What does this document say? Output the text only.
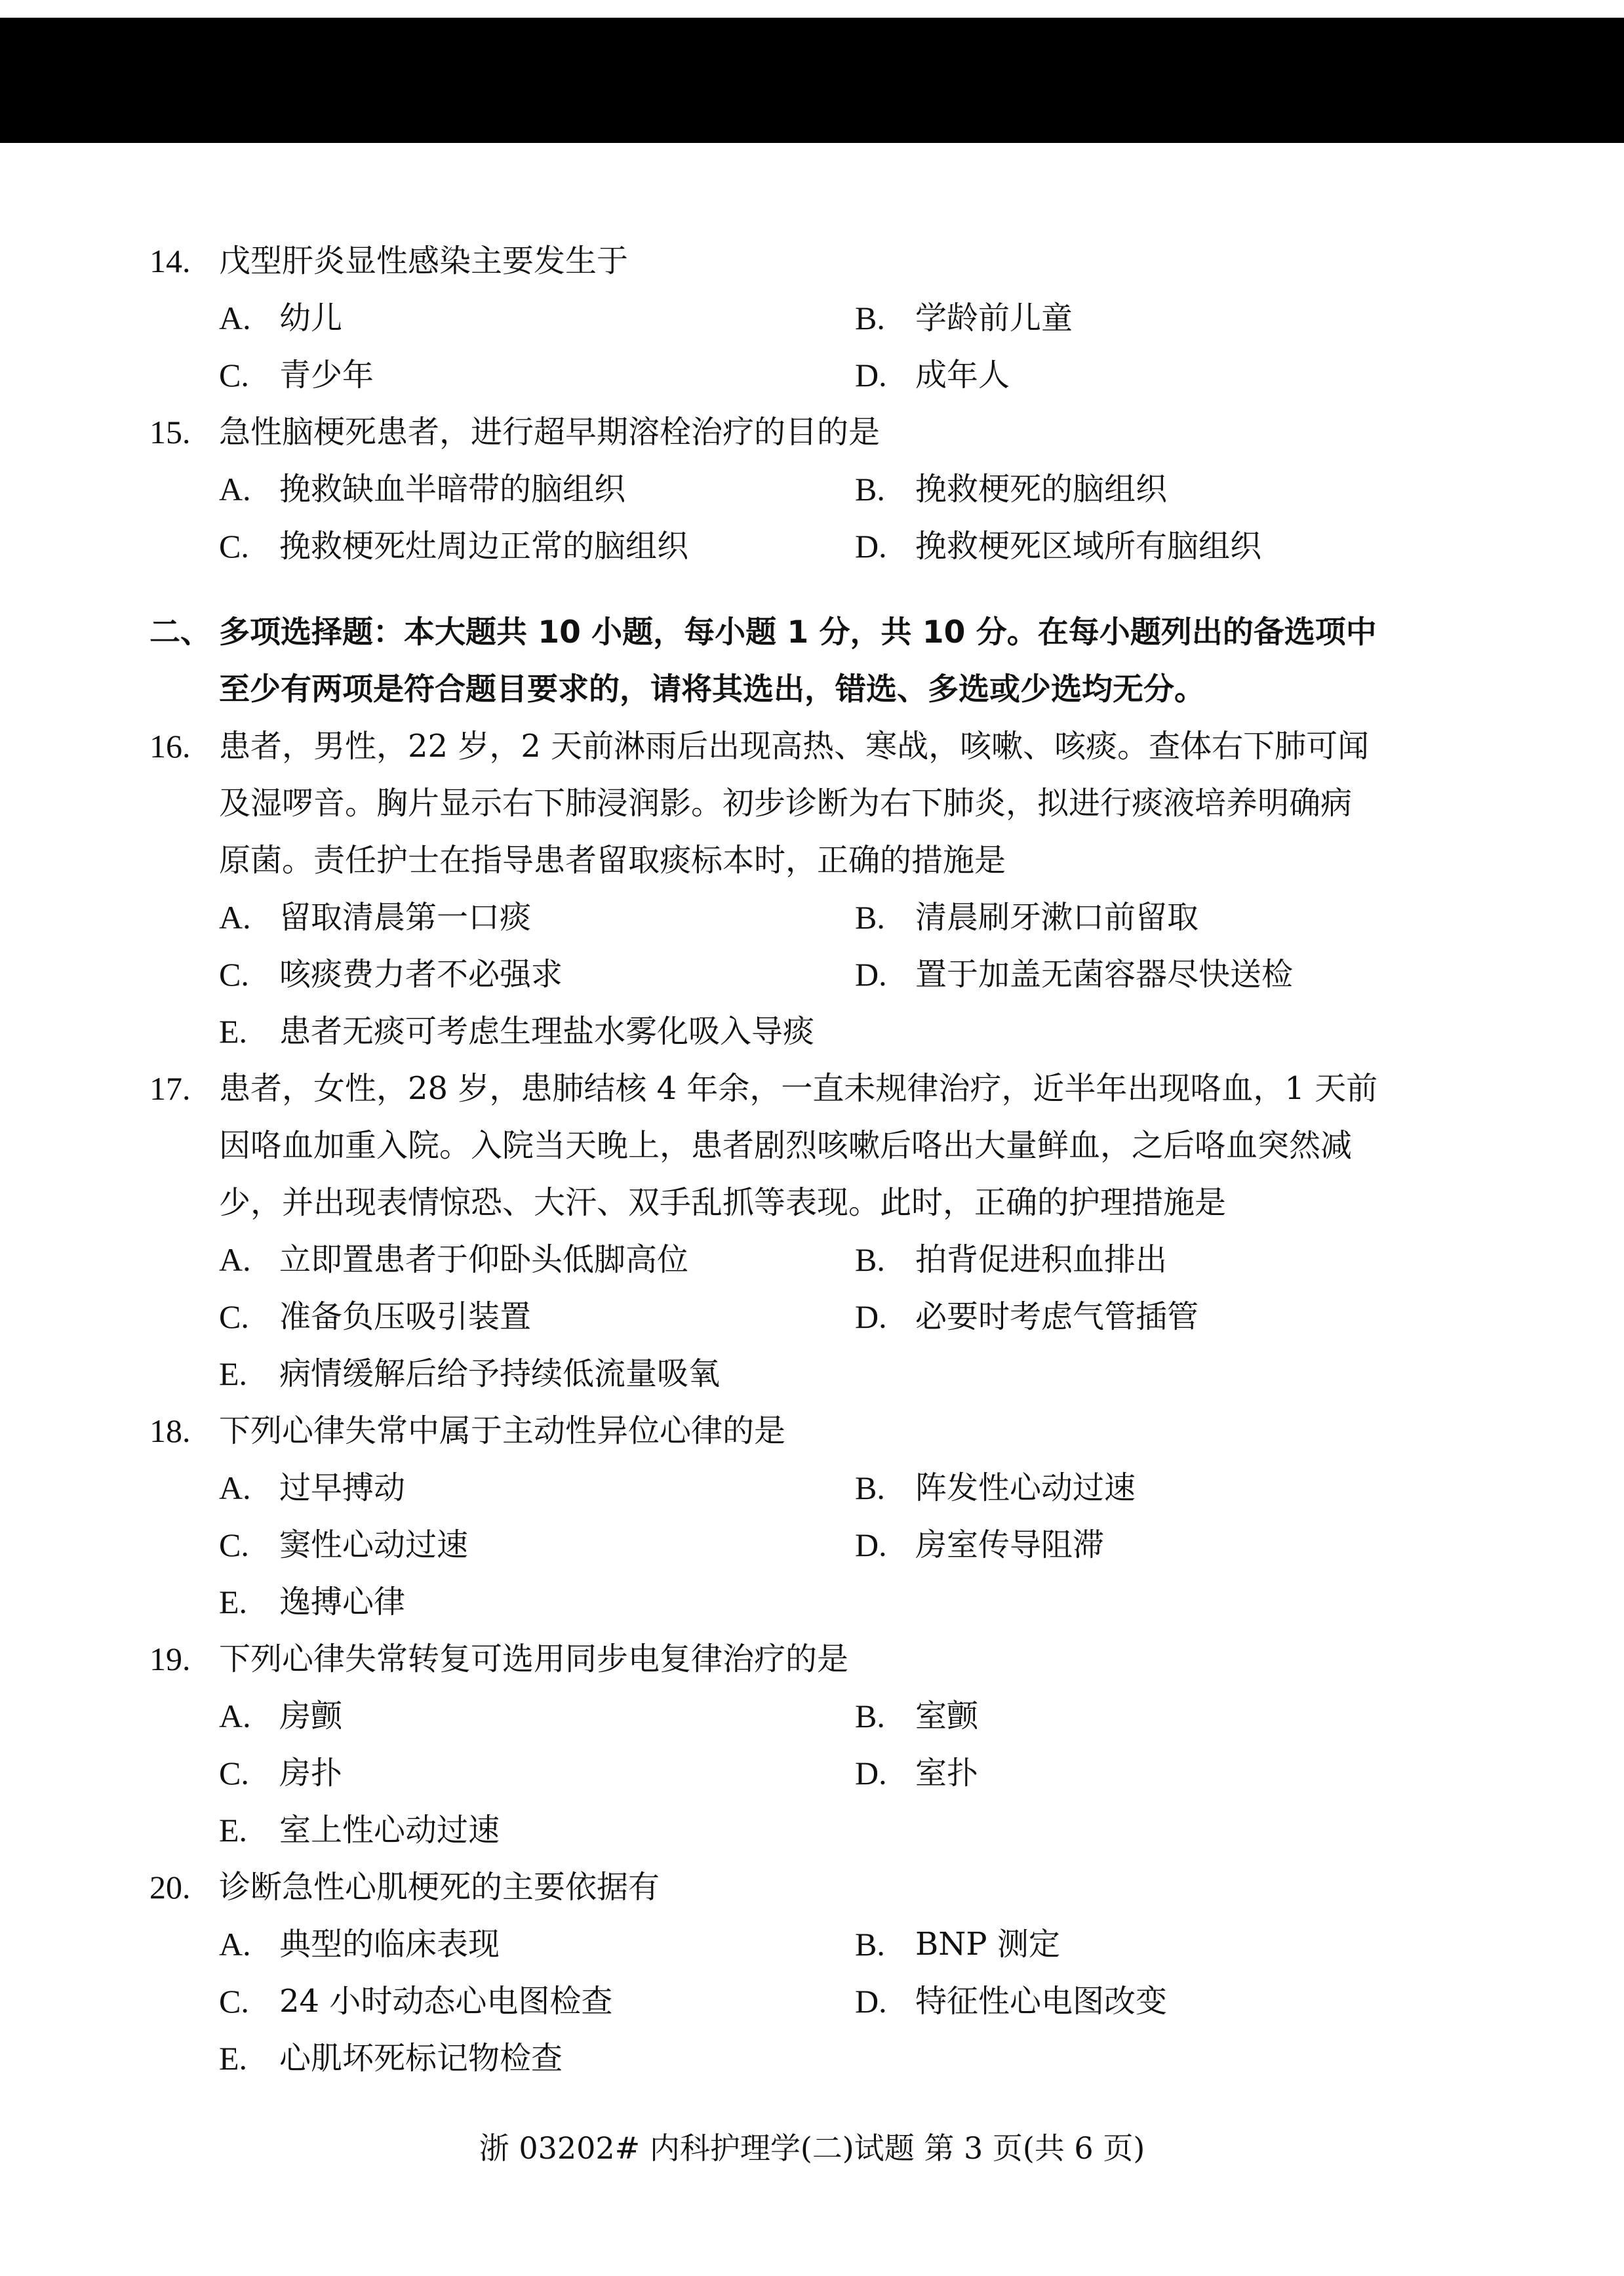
14. 戊型肝炎显性感染主要发生于
A. 幼儿	B. 学龄前儿童
C. 青少年	D. 成年人
15. 急性脑梗死患者，进行超早期溶栓治疗的目的是
A. 挽救缺血半暗带的脑组织	B. 挽救梗死的脑组织
C. 挽救梗死灶周边正常的脑组织	D. 挽救梗死区域所有脑组织
二、 多项选择题：本大题共 10 小题，每小题 1 分，共 10 分。在每小题列出的备选项中
至少有两项是符合题目要求的，请将其选出，错选、多选或少选均无分。
16. 患者，男性，22 岁，2 天前淋雨后出现高热、寒战，咳嗽、咳痰。查体右下肺可闻
及湿啰音。胸片显示右下肺浸润影。初步诊断为右下肺炎，拟进行痰液培养明确病
原菌。责任护士在指导患者留取痰标本时，正确的措施是
A. 留取清晨第一口痰	B. 清晨刷牙漱口前留取
C. 咳痰费力者不必强求	D. 置于加盖无菌容器尽快送检
E.	患者无痰可考虑生理盐水雾化吸入导痰
17. 患者，女性，28 岁，患肺结核 4 年余，一直未规律治疗，近半年出现咯血，1 天前
因咯血加重入院。入院当天晚上，患者剧烈咳嗽后咯出大量鲜血，之后咯血突然减
少，并出现表情惊恐、大汗、双手乱抓等表现。此时，正确的护理措施是
A. 立即置患者于仰卧头低脚高位	B. 拍背促进积血排出
C. 准备负压吸引装置	D. 必要时考虑气管插管
E.	病情缓解后给予持续低流量吸氧
18. 下列心律失常中属于主动性异位心律的是
A. 过早搏动	B. 阵发性心动过速
C. 窦性心动过速	D. 房室传导阻滞
E.	逸搏心律
19. 下列心律失常转复可选用同步电复律治疗的是
A. 房颤	B. 室颤
C. 房扑	D. 室扑
E.	室上性心动过速
20. 诊断急性心肌梗死的主要依据有
A. 典型的临床表现	B. BNP 测定
C. 24 小时动态心电图检查	D. 特征性心电图改变
E.	心肌坏死标记物检查
浙 03202# 内科护理学(二)试题 第 3 页(共 6 页)
